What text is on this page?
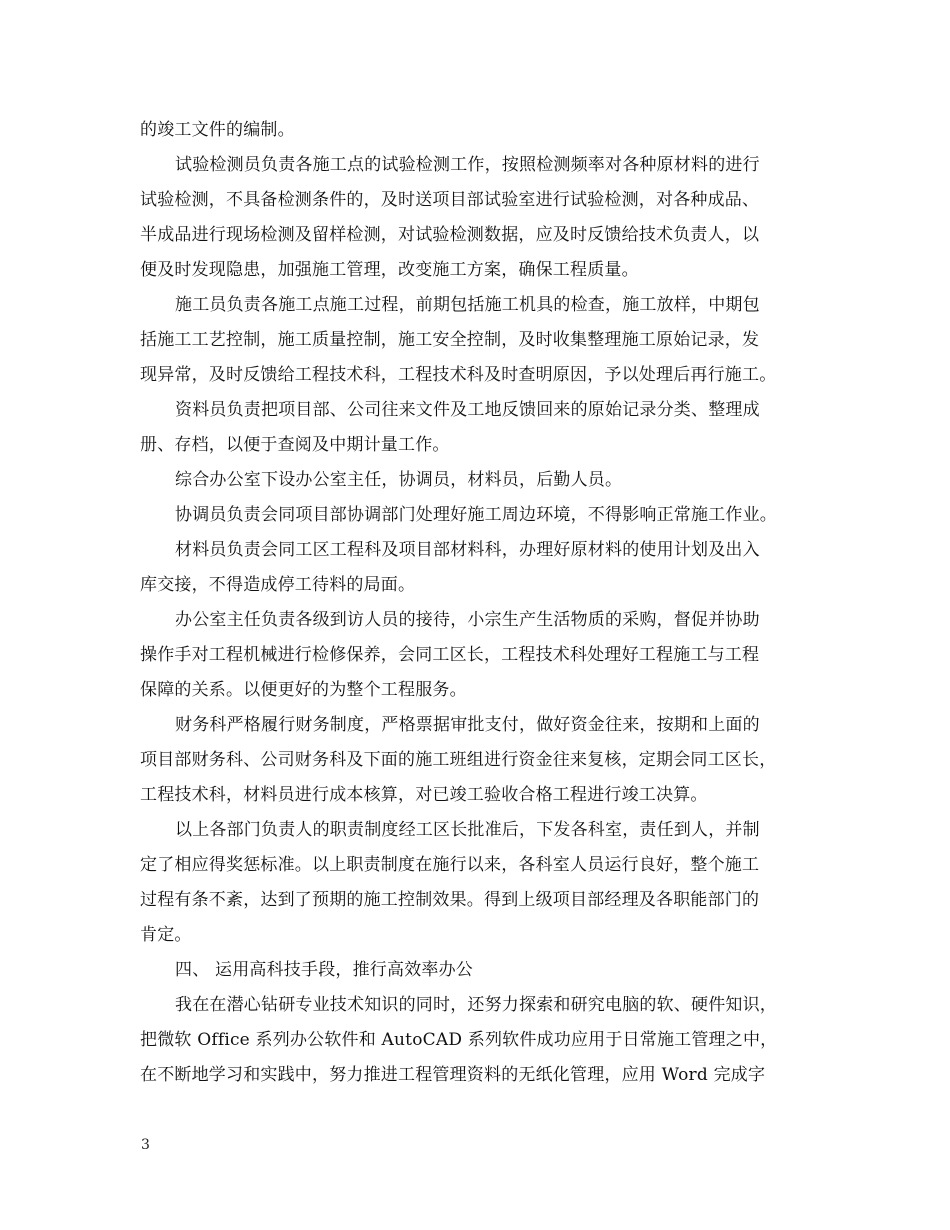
的竣工文件的编制。
试验检测员负责各施工点的试验检测工作，按照检测频率对各种原材料的进行
试验检测，不具备检测条件的，及时送项目部试验室进行试验检测，对各种成品、
半成品进行现场检测及留样检测，对试验检测数据，应及时反馈给技术负责人，以
便及时发现隐患，加强施工管理，改变施工方案，确保工程质量。
施工员负责各施工点施工过程，前期包括施工机具的检查，施工放样，中期包
括施工工艺控制，施工质量控制，施工安全控制，及时收集整理施工原始记录，发
现异常，及时反馈给工程技术科，工程技术科及时查明原因，予以处理后再行施工。
资料员负责把项目部、公司往来文件及工地反馈回来的原始记录分类、整理成
册、存档，以便于查阅及中期计量工作。
综合办公室下设办公室主任，协调员，材料员，后勤人员。
协调员负责会同项目部协调部门处理好施工周边环境，不得影响正常施工作业。
材料员负责会同工区工程科及项目部材料科，办理好原材料的使用计划及出入
库交接，不得造成停工待料的局面。
办公室主任负责各级到访人员的接待，小宗生产生活物质的采购，督促并协助
操作手对工程机械进行检修保养，会同工区长，工程技术科处理好工程施工与工程
保障的关系。以便更好的为整个工程服务。
财务科严格履行财务制度，严格票据审批支付，做好资金往来，按期和上面的
项目部财务科、公司财务科及下面的施工班组进行资金往来复核，定期会同工区长，
工程技术科，材料员进行成本核算，对已竣工验收合格工程进行竣工决算。
以上各部门负责人的职责制度经工区长批准后，下发各科室，责任到人，并制
定了相应得奖惩标准。以上职责制度在施行以来，各科室人员运行良好，整个施工
过程有条不紊，达到了预期的施工控制效果。得到上级项目部经理及各职能部门的
肯定。
四、 运用高科技手段，推行高效率办公
我在在潜心钻研专业技术知识的同时，还努力探索和研究电脑的软、硬件知识，
把微软 Office 系列办公软件和 AutoCAD 系列软件成功应用于日常施工管理之中，
在不断地学习和实践中，努力推进工程管理资料的无纸化管理，应用 Word 完成字
3
